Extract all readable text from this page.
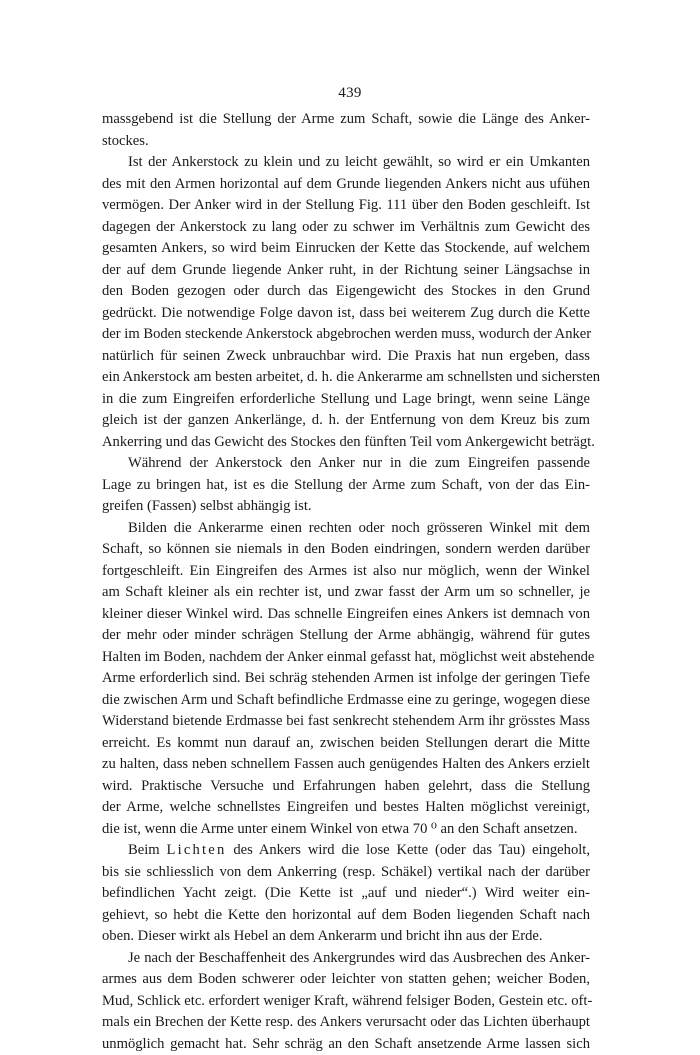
439
massgebend ist die Stellung der Arme zum Schaft, sowie die Länge des Anker-
stockes.
Ist der Ankerstock zu klein und zu leicht gewählt, so wird er ein Umkanten
des mit den Armen horizontal auf dem Grunde liegenden Ankers nicht aus ufühen
vermögen. Der Anker wird in der Stellung Fig. 111 über den Boden geschleift. Ist
dagegen der Ankerstock zu lang oder zu schwer im Verhältnis zum Gewicht des
gesamten Ankers, so wird beim Einrucken der Kette das Stockende, auf welchem
der auf dem Grunde liegende Anker ruht, in der Richtung seiner Längsachse in
den Boden gezogen oder durch das Eigengewicht des Stockes in den Grund
gedrückt. Die notwendige Folge davon ist, dass bei weiterem Zug durch die Kette
der im Boden steckende Ankerstock abgebrochen werden muss, wodurch der Anker
natürlich für seinen Zweck unbrauchbar wird. Die Praxis hat nun ergeben, dass
ein Ankerstock am besten arbeitet, d. h. die Ankerarme am schnellsten und sichersten
in die zum Eingreifen erforderliche Stellung und Lage bringt, wenn seine Länge
gleich ist der ganzen Ankerlänge, d. h. der Entfernung von dem Kreuz bis zum
Ankerring und das Gewicht des Stockes den fünften Teil vom Ankergewicht beträgt.
Während der Ankerstock den Anker nur in die zum Eingreifen passende
Lage zu bringen hat, ist es die Stellung der Arme zum Schaft, von der das Ein-
greifen (Fassen) selbst abhängig ist.
Bilden die Ankerarme einen rechten oder noch grösseren Winkel mit dem
Schaft, so können sie niemals in den Boden eindringen, sondern werden darüber
fortgeschleift. Ein Eingreifen des Armes ist also nur möglich, wenn der Winkel
am Schaft kleiner als ein rechter ist, und zwar fasst der Arm um so schneller, je
kleiner dieser Winkel wird. Das schnelle Eingreifen eines Ankers ist demnach von
der mehr oder minder schrägen Stellung der Arme abhängig, während für gutes
Halten im Boden, nachdem der Anker einmal gefasst hat, möglichst weit abstehende
Arme erforderlich sind. Bei schräg stehenden Armen ist infolge der geringen Tiefe
die zwischen Arm und Schaft befindliche Erdmasse eine zu geringe, wogegen diese
Widerstand bietende Erdmasse bei fast senkrecht stehendem Arm ihr grösstes Mass
erreicht. Es kommt nun darauf an, zwischen beiden Stellungen derart die Mitte
zu halten, dass neben schnellem Fassen auch genügendes Halten des Ankers erzielt
wird. Praktische Versuche und Erfahrungen haben gelehrt, dass die Stellung
der Arme, welche schnellstes Eingreifen und bestes Halten möglichst vereinigt,
die ist, wenn die Arme unter einem Winkel von etwa 70 ⁰ an den Schaft ansetzen.
Beim Lichten des Ankers wird die lose Kette (oder das Tau) eingeholt,
bis sie schliesslich von dem Ankerring (resp. Schäkel) vertikal nach der darüber
befindlichen Yacht zeigt. (Die Kette ist „auf und nieder“.) Wird weiter ein-
gehievt, so hebt die Kette den horizontal auf dem Boden liegenden Schaft nach
oben. Dieser wirkt als Hebel an dem Ankerarm und bricht ihn aus der Erde.
Je nach der Beschaffenheit des Ankergrundes wird das Ausbrechen des Anker-
armes aus dem Boden schwerer oder leichter von statten gehen; weicher Boden,
Mud, Schlick etc. erfordert weniger Kraft, während felsiger Boden, Gestein etc. oft-
mals ein Brechen der Kette resp. des Ankers verursacht oder das Lichten überhaupt
unmöglich gemacht hat. Sehr schräg an den Schaft ansetzende Arme lassen sich
